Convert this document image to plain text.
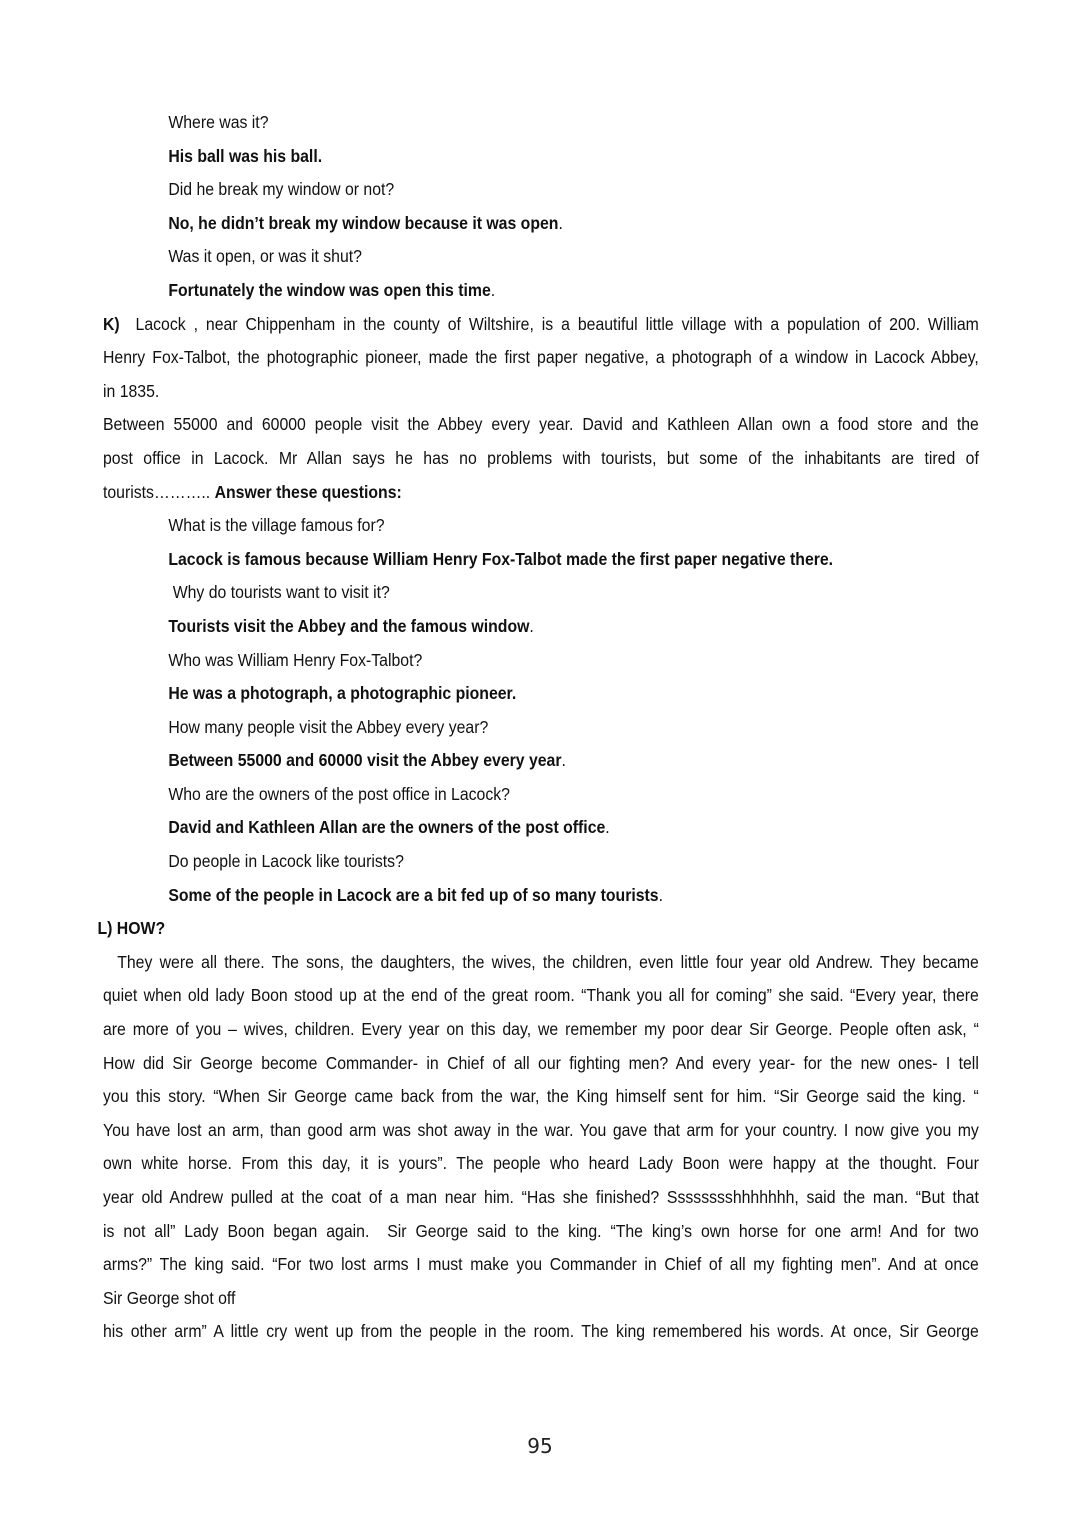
Where was it?
His ball was his ball.
Did he break my window or not?
No, he didn’t break my window because it was open.
Was it open, or was it shut?
Fortunately the window was open this time.
K) Lacock , near Chippenham in the county of Wiltshire, is a beautiful little village with a population of 200. William
Henry Fox-Talbot, the photographic pioneer, made the first paper negative, a photograph of a window in Lacock Abbey,
in 1835.
Between 55000 and 60000 people visit the Abbey every year. David and Kathleen Allan own a food store and the
post office in Lacock. Mr Allan says he has no problems with tourists, but some of the inhabitants are tired of
tourists……….. Answer these questions:
What is the village famous for?
Lacock is famous because William Henry Fox-Talbot made the first paper negative there.
Why do tourists want to visit it?
Tourists visit the Abbey and the famous window.
Who was William Henry Fox-Talbot?
He was a photograph, a photographic pioneer.
How many people visit the Abbey every year?
Between 55000 and 60000 visit the Abbey every year.
Who are the owners of the post office in Lacock?
David and Kathleen Allan are the owners of the post office.
Do people in Lacock like tourists?
Some of the people in Lacock are a bit fed up of so many tourists.
L) HOW?
They were all there. The sons, the daughters, the wives, the children, even little four year old Andrew. They became
quiet when old lady Boon stood up at the end of the great room. “Thank you all for coming” she said. “Every year, there
are more of you – wives, children. Every year on this day, we remember my poor dear Sir George. People often ask, “
How did Sir George become Commander- in Chief of all our fighting men? And every year- for the new ones- I tell
you this story. “When Sir George came back from the war, the King himself sent for him. “Sir George said the king. “
You have lost an arm, than good arm was shot away in the war. You gave that arm for your country. I now give you my
own white horse. From this day, it is yours”. The people who heard Lady Boon were happy at the thought. Four
year old Andrew pulled at the coat of a man near him. “Has she finished? Sssssssshhhhhhh, said the man. “But that
is not all” Lady Boon began again.  Sir George said to the king. “The king’s own horse for one arm! And for two
arms?” The king said. “For two lost arms I must make you Commander in Chief of all my fighting men”. And at once
Sir George shot off
his other arm” A little cry went up from the people in the room. The king remembered his words. At once, Sir George
95
